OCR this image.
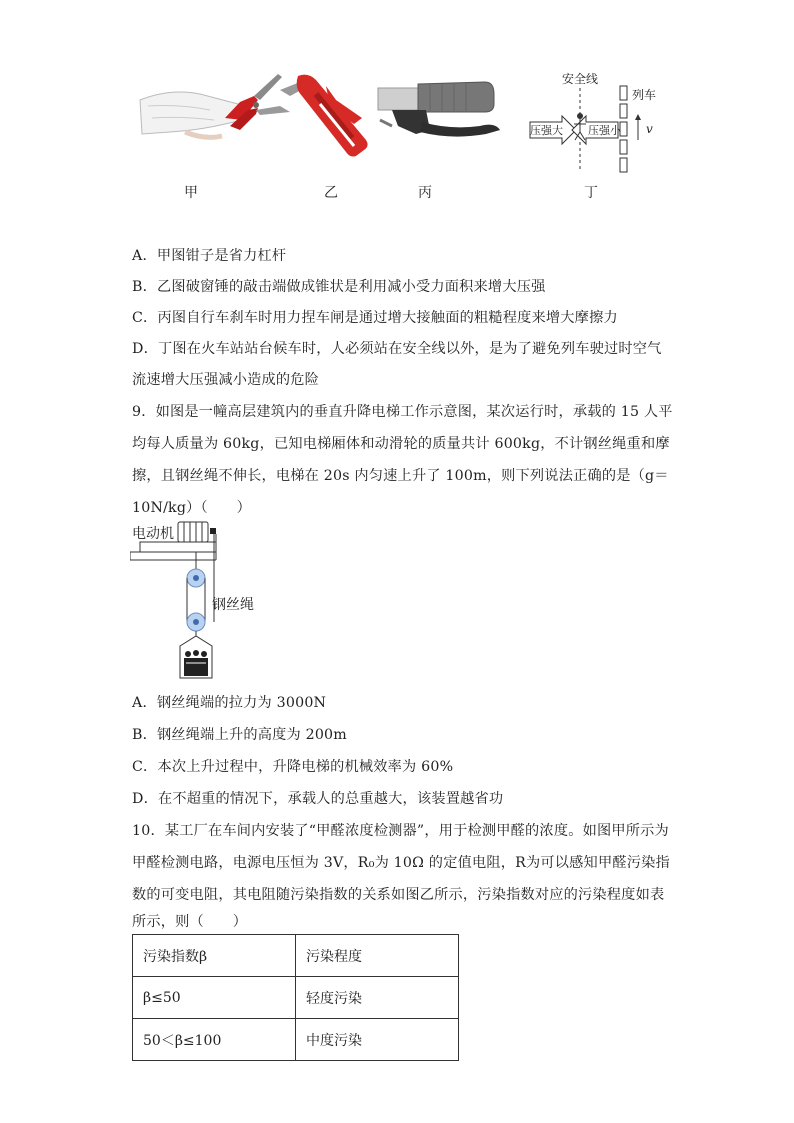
安全线
列车
压强大 压强小 v
甲	乙	丙	丁
A．甲图钳子是省力杠杆
B．乙图破窗锤的敲击端做成锥状是利用减小受力面积来增大压强
C．丙图自行车刹车时用力捏车闸是通过增大接触面的粗糙程度来增大摩擦力
D．丁图在火车站站台候车时，人必须站在安全线以外，是为了避免列车驶过时空气
流速增大压强减小造成的危险
9．如图是一幢高层建筑内的垂直升降电梯工作示意图，某次运行时，承载的 15 人平
均每人质量为 60kg，已知电梯厢体和动滑轮的质量共计 600kg，不计钢丝绳重和摩
擦，且钢丝绳不伸长，电梯在 20s 内匀速上升了 100m，则下列说法正确的是（g＝
10N/kg）（　　）
电动机
钢丝绳
A．钢丝绳端的拉力为 3000N
B．钢丝绳端上升的高度为 200m
C．本次上升过程中，升降电梯的机械效率为 60%
D．在不超重的情况下，承载人的总重越大，该装置越省功
10．某工厂在车间内安装了“甲醛浓度检测器”，用于检测甲醛的浓度。如图甲所示为
甲醛检测电路，电源电压恒为 3V，R₀为 10Ω 的定值电阻，R为可以感知甲醛污染指
数的可变电阻，其电阻随污染指数的关系如图乙所示，污染指数对应的污染程度如表
所示，则（　　）
污染指数β	污染程度
β≤50	轻度污染
50＜β≤100	中度污染
